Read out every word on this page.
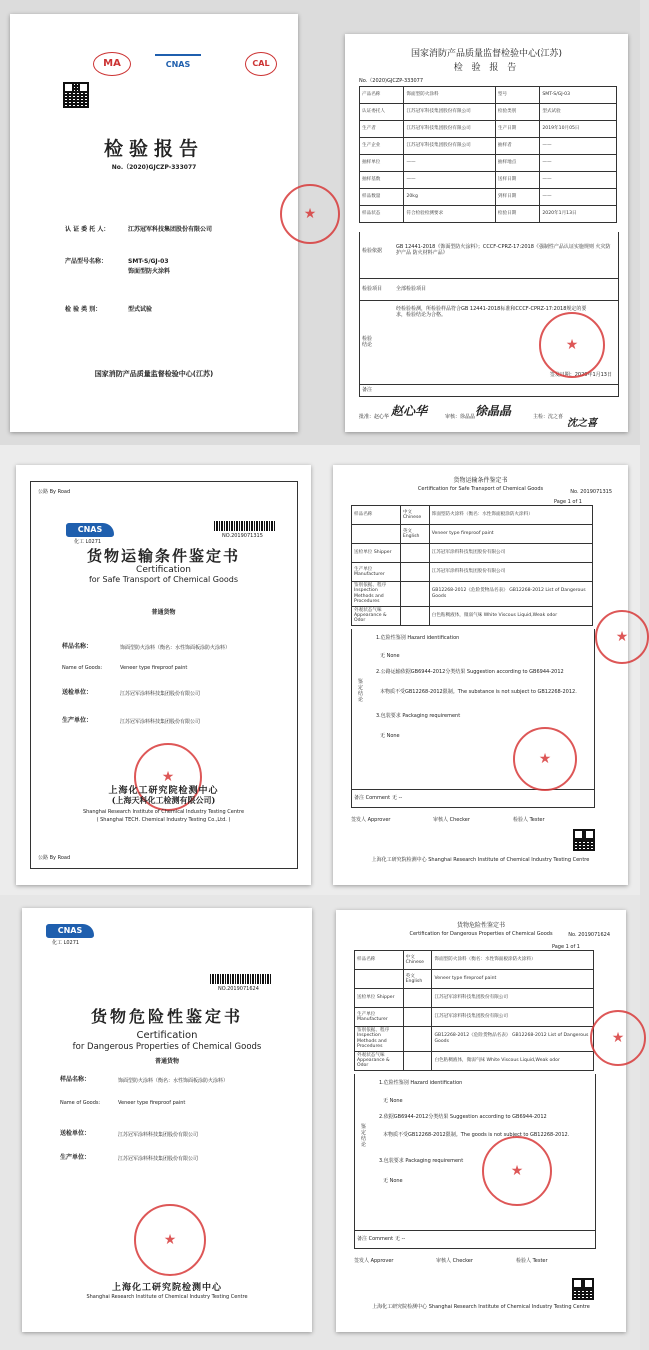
MA	CNAS	CAL
检验报告
No.（2020)GJCZP-333077
认 证 委 托 人：	江苏冠军科技集团股份有限公司
产品型号名称：	SMT-S/GJ-03
饰面型防火涂料
检 验 类 别：	型式试验
国家消防产品质量监督检验中心(江苏)
★
国家消防产品质量监督检验中心(江苏)
检 验 报 告
No.（2020)GJCZP-333077
产品名称	饰面型防火涂料	型号	SMT-S/GJ-03
认证委托人	江苏冠军科技集团股份有限公司	检验类别	型式试验
生产者	江苏冠军科技集团股份有限公司	生产日期	2019年10月05日
生产企业	江苏冠军科技集团股份有限公司	抽样者	——
抽样单位	——	抽样地点	——
抽样基数	——	送样日期	——
样品数量	20kg	到样日期	——
样品状态	符合检验检测要求	检验日期	2020年1月13日
检验依据
GB 12441-2018《饰面型防火涂料》；CCCF-CPRZ-17:2018《强制性产品认证实施规则 火灾防护产品 防火材料产品》
检验项目	全部检验项目
检验结论
经检验检测，所检验样品符合GB 12441-2018标准和CCCF-CPRZ-17:2018规定的要求，检验结论为合格。
签发日期：2020年1月13日
备注
批准：赵心华	审核：徐晶晶	主检：沈之喜
赵心华	徐晶晶
沈之喜
★
公路 By Road
CNAS
化工 L0271
NO.2019071315
货物运输条件鉴定书
Certification
for Safe Transport of Chemical Goods
普通货物
样品名称：	饰面型防火涂料（衡名：水性饰面板涂防火涂料）
Name of Goods:	Veneer type fireproof paint
送检单位：	江苏冠军涂料科技集团股份有限公司
生产单位：	江苏冠军涂料科技集团股份有限公司
★
上海化工研究院检测中心
(上海天科化工检测有限公司)
Shanghai Research Institute of Chemical Industry Testing Centre
( Shanghai TECH. Chemical Industry Testing Co.,Ltd. )
公路 By Road
货物运输条件鉴定书
Certification for Safe Transport of Chemical Goods	No. 2019071315
Page 1 of 1
样品名称	中文 Chinese	饰面型防火涂料（衡名：水性饰面板涂防火涂料）
	英文 English	Veneer type fireproof paint
送检单位 Shipper		江苏冠军涂料科技集团股份有限公司
生产单位 Manufacturer		江苏冠军涂料科技集团股份有限公司
鉴别依据、程序 Inspection Methods and Procedures		GB12268-2012《危险货物品名表》 GB12268-2012 List of Dangerous Goods
外观状态气味 Appearance & Odor		白色粘稠液体，微弱气味 White Viscous Liquid,Weak odor
鉴 定 结 论
1.危险性鉴别 Hazard identification
无 None
2.公路运输依据GB6944-2012分类结果 Suggestion according to GB6944-2012
本物质不受GB12268-2012限制。The substance is not subject to GB12268-2012.
3.包装要求 Packaging requirement
无 None
备注 Comment 无 --
★
★
签发人 Approver	审核人 Checker	检验人 Tester
上海化工研究院检测中心 Shanghai Research Institute of Chemical Industry Testing Centre
CNAS
化工 L0271
NO.2019071624
货物危险性鉴定书
Certification
for Dangerous Properties of Chemical Goods
普通货物
样品名称：	饰面型防火涂料（衡名：水性饰面板涂防火涂料）
Name of Goods:	Veneer type fireproof paint
送检单位：	江苏冠军涂料科技集团股份有限公司
生产单位：	江苏冠军涂料科技集团股份有限公司
★
上海化工研究院检测中心
Shanghai Research Institute of Chemical Industry Testing Centre
货物危险性鉴定书
Certification for Dangerous Properties of Chemical Goods	No. 2019071624
Page 1 of 1
样品名称	中文 Chinese	饰面型防火涂料（衡名：水性饰面板涂防火涂料）
	英文 English	Veneer type fireproof paint
送检单位 Shipper		江苏冠军涂料科技集团股份有限公司
生产单位 Manufacturer		江苏冠军涂料科技集团股份有限公司
鉴别依据、程序 Inspection Methods and Procedures		GB12268-2012《危险货物品名表》 GB12268-2012 List of Dangerous Goods
外观状态气味 Appearance & Odor		白色粘稠液体，微弱气味 White Viscous Liquid,Weak odor
鉴 定 结 论
1.危险性鉴别 Hazard identification
无 None
2.依据GB6944-2012分类结果 Suggestion according to GB6944-2012
本物质不受GB12268-2012限制。The goods is not subject to GB12268-2012.
3.包装要求 Packaging requirement
无 None
备注 Comment 无 --
★
★
签发人 Approver	审核人 Checker	检验人 Tester
上海化工研究院检测中心 Shanghai Research Institute of Chemical Industry Testing Centre
